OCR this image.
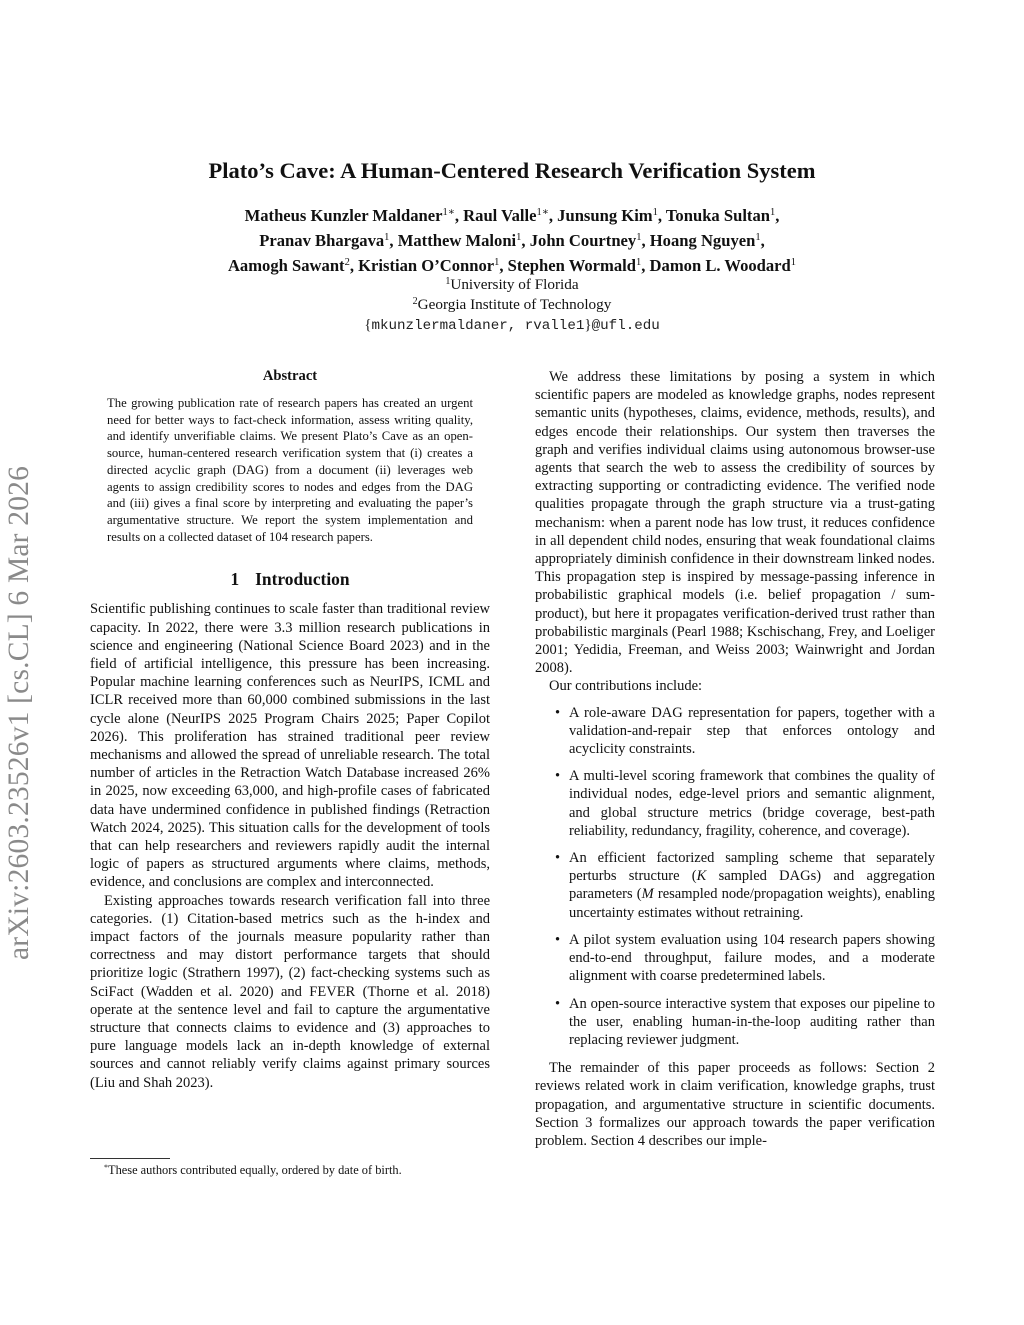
arXiv:2603.23526v1 [cs.CL] 6 Mar 2026
Plato’s Cave: A Human-Centered Research Verification System
Matheus Kunzler Maldaner$^{1∗}$, Raul Valle$^{1∗}$, Junsung Kim$^1$, Tonuka Sultan$^1$,
Pranav Bhargava$^1$, Matthew Maloni$^1$, John Courtney$^1$, Hoang Nguyen$^1$,
Aamogh Sawant$^2$, Kristian O’Connor$^1$, Stephen Wormald$^1$, Damon L. Woodard$^1$
$^1$University of Florida
$^2$Georgia Institute of Technology
{mkunzlermaldaner, rvalle1}@ufl.edu
Abstract
The growing publication rate of research papers has created an urgent need for better ways to fact-check information, assess writing quality, and identify unverifiable claims. We present Plato’s Cave as an open-source, human-centered research verification system that (i) creates a directed acyclic graph (DAG) from a document (ii) leverages web agents to assign credibility scores to nodes and edges from the DAG and (iii) gives a final score by interpreting and evaluating the paper’s argumentative structure. We report the system implementation and results on a collected dataset of 104 research papers.
1 Introduction

Scientific publishing continues to scale faster than traditional review capacity. In 2022, there were 3.3 million research publications in science and engineering (National Science Board 2023) and in the field of artificial intelligence, this pressure has been increasing. Popular machine learning conferences such as NeurIPS, ICML and ICLR received more than 60,000 combined submissions in the last cycle alone (NeurIPS 2025 Program Chairs 2025; Paper Copilot 2026). This proliferation has strained traditional peer review mechanisms and allowed the spread of unreliable research. The total number of articles in the Retraction Watch Database increased 26% in 2025, now exceeding 63,000, and high-profile cases of fabricated data have undermined confidence in published findings (Retraction Watch 2024, 2025). This situation calls for the development of tools that can help researchers and reviewers rapidly audit the internal logic of papers as structured arguments where claims, methods, evidence, and conclusions are complex and interconnected.

Existing approaches towards research verification fall into three categories. (1) Citation-based metrics such as the h-index and impact factors of the journals measure popularity rather than correctness and may distort performance targets that should prioritize logic (Strathern 1997), (2) fact-checking systems such as SciFact (Wadden et al. 2020) and FEVER (Thorne et al. 2018) operate at the sentence level and fail to capture the argumentative structure that connects claims to evidence and (3) approaches to pure language models lack an in-depth knowledge of external sources and cannot reliably verify claims against primary sources (Liu and Shah 2023).

*These authors contributed equally, ordered by date of birth.

We address these limitations by posing a system in which scientific papers are modeled as knowledge graphs, nodes represent semantic units (hypotheses, claims, evidence, methods, results), and edges encode their relationships. Our system then traverses the graph and verifies individual claims using autonomous browser-use agents that search the web to assess the credibility of sources by extracting supporting or contradicting evidence. The verified node qualities propagate through the graph structure via a trust-gating mechanism: when a parent node has low trust, it reduces confidence in all dependent child nodes, ensuring that weak foundational claims appropriately diminish confidence in their downstream linked nodes. This propagation step is inspired by message-passing inference in probabilistic graphical models (i.e. belief propagation / sum-product), but here it propagates verification-derived trust rather than probabilistic marginals (Pearl 1988; Kschischang, Frey, and Loeliger 2001; Yedidia, Freeman, and Weiss 2003; Wainwright and Jordan 2008).

Our contributions include:

• A role-aware DAG representation for papers, together with a validation-and-repair step that enforces ontology and acyclicity constraints.
• A multi-level scoring framework that combines the quality of individual nodes, edge-level priors and semantic alignment, and global structure metrics (bridge coverage, best-path reliability, redundancy, fragility, coherence, and coverage).
• An efficient factorized sampling scheme that separately perturbs structure (K sampled DAGs) and aggregation parameters (M resampled node/propagation weights), enabling uncertainty estimates without retraining.
• A pilot system evaluation using 104 research papers showing end-to-end throughput, failure modes, and a moderate alignment with coarse predetermined labels.
• An open-source interactive system that exposes our pipeline to the user, enabling human-in-the-loop auditing rather than replacing reviewer judgment.

The remainder of this paper proceeds as follows: Section 2 reviews related work in claim verification, knowledge graphs, trust propagation, and argumentative structure in scientific documents. Section 3 formalizes our approach towards the paper verification problem. Section 4 describes our imple-
